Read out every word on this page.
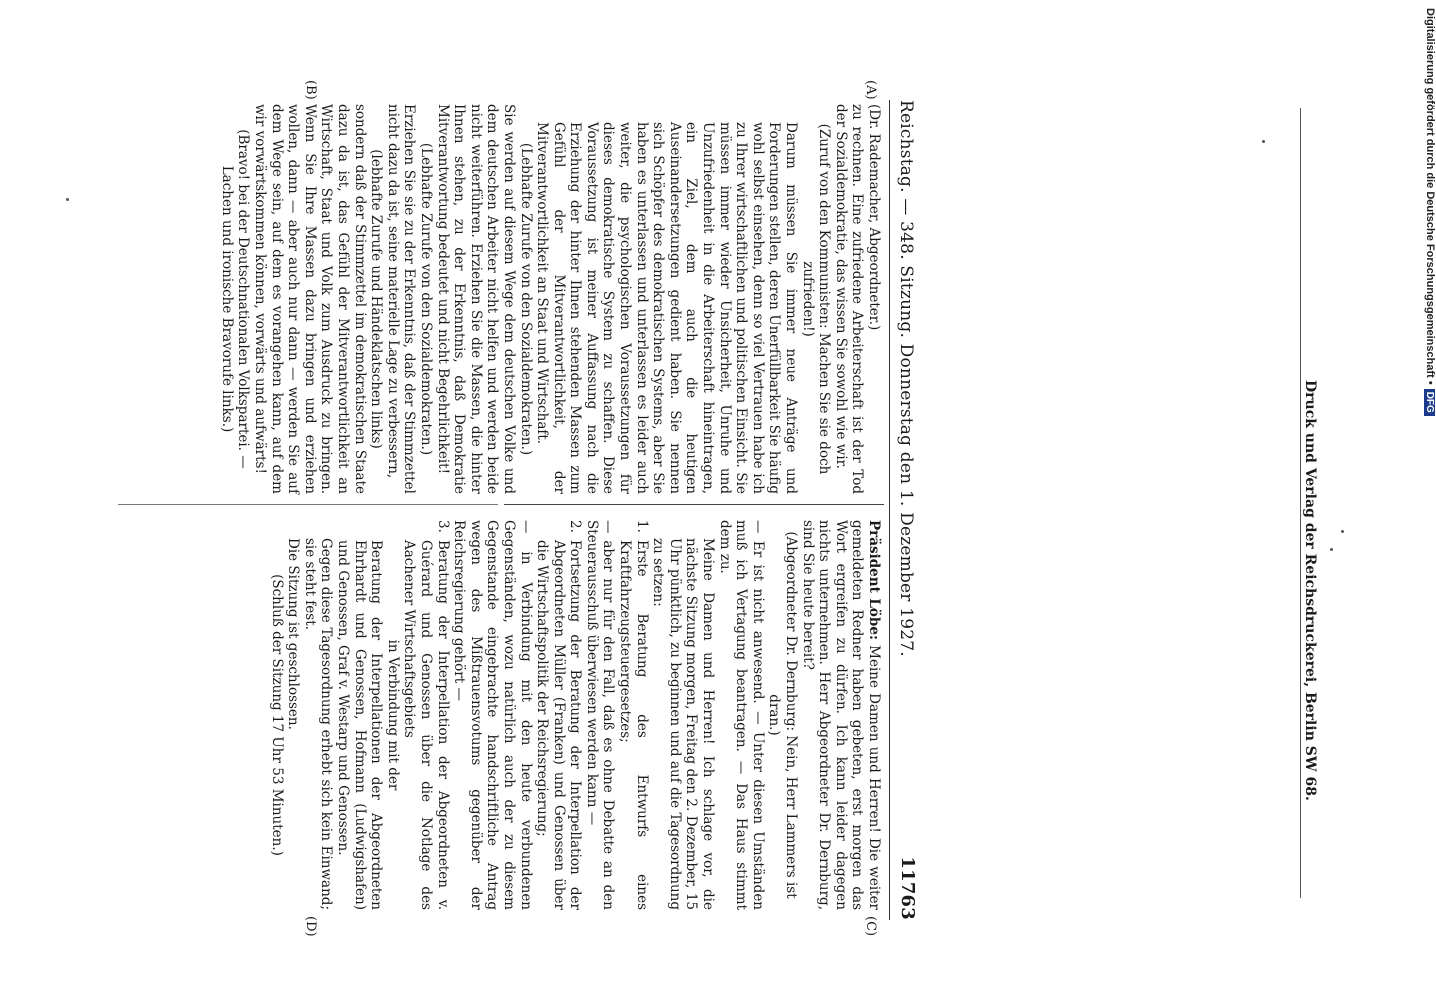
Reichstag. — 348. Sitzung. Donnerstag den 1. Dezember 1927.
11763
(A)
(B)
(C)
(D)

(Dr. Rademacher, Abgeordneter.)

zu rechnen. Eine zufriedene Arbeiterschaft ist der Tod der Sozialdemokratie, das wissen Sie sowohl wie wir.

(Zuruf von den Kommunisten: Machen Sie sie doch zufrieden!)

Darum müssen Sie immer neue Anträge und Forderungen stellen, deren Unerfüllbarkeit Sie häufig wohl selbst einsehen, denn so viel Vertrauen habe ich zu Ihrer wirtschaftlichen und politischen Einsicht. Sie müssen immer wieder Unsicherheit, Unruhe und Unzufriedenheit in die Arbeiterschaft hineintragen, ein Ziel, dem auch die heutigen Auseinandersetzungen gedient haben. Sie nennen sich Schöpfer des demokratischen Systems, aber Sie haben es unterlassen und unterlassen es leider auch weiter, die psychologischen Voraussetzungen für dieses demokratische System zu schaffen. Diese Voraussetzung ist meiner Auffassung nach die Erziehung der hinter Ihnen stehenden Massen zum Gefühl der Mitverantwortlichkeit, der Mitverantwortlichkeit an Staat und Wirtschaft.

(Lebhafte Zurufe von den Sozialdemokraten.)

Sie werden auf diesem Wege dem deutschen Volke und dem deutschen Arbeiter nicht helfen und werden beide nicht weiterführen. Erziehen Sie die Massen, die hinter Ihnen stehen, zu der Erkenntnis, daß Demokratie Mitverantwortung bedeutet und nicht Begehrlichkeit!

(Lebhafte Zurufe von den Sozialdemokraten.)

Erziehen Sie sie zu der Erkenntnis, daß der Stimmzettel nicht dazu da ist, seine materielle Lage zu verbessern,

(lebhafte Zurufe und Händeklatschen links)

sondern daß der Stimmzettel im demokratischen Staate dazu da ist, das Gefühl der Mitverantwortlichkeit an Wirtschaft, Staat und Volk zum Ausdruck zu bringen. Wenn Sie Ihre Massen dazu bringen und erziehen wollen, dann — aber auch nur dann — werden Sie auf dem Wege sein, auf dem es vorangehen kann, auf dem wir vorwärtskommen können, vorwärts und aufwärts!

(Bravo! bei der Deutschnationalen Volkspartei. — Lachen und ironische Bravorufe links.)

Präsident Löbe: Meine Damen und Herren! Die weiter gemeldeten Redner haben gebeten, erst morgen das Wort ergreifen zu dürfen. Ich kann leider dagegen nichts unternehmen. Herr Abgeordneter Dr. Dernburg, sind Sie heute bereit?

(Abgeordneter Dr. Dernburg: Nein, Herr Lammers ist dran.)

— Er ist nicht anwesend. — Unter diesen Umständen muß ich Vertagung beantragen. — Das Haus stimmt dem zu.

Meine Damen und Herren! Ich schlage vor, die nächste Sitzung morgen, Freitag den 2. Dezember, 15 Uhr pünktlich, zu beginnen und auf die Tagesordnung zu setzen:

1.
Erste Beratung des Entwurfs eines Kraftfahrzeugsteuergesetzes;

— aber nur für den Fall, daß es ohne Debatte an den Steuerausschuß überwiesen werden kann —

2.
Fortsetzung der Beratung der Interpellation der Abgeordneten Müller (Franken) und Genossen über die Wirtschaftspolitik der Reichsregierung;

— in Verbindung mit den heute verbundenen Gegenständen, wozu natürlich auch der zu diesem Gegenstande eingebrachte handschriftliche Antrag wegen des Mißtrauensvotums gegenüber der Reichsregierung gehört —

3.
Beratung der Interpellation der Abgeordneten v. Guérard und Genossen über die Notlage des Aachener Wirtschaftsgebiets

in Verbindung mit der

Beratung der Interpellationen der Abgeordneten Ehrhardt und Genossen, Hofmann (Ludwigshafen) und Genossen, Graf v. Westarp und Genossen.

Gegen diese Tagesordnung erhebt sich kein Einwand; sie steht fest.

Die Sitzung ist geschlossen.

(Schluß der Sitzung 17 Uhr 53 Minuten.)	Druck und Verlag der Reichsdruckerei, Berlin SW 68.
Digitalisierung gefördert durch die Deutsche Forschungsgemeinschaft •DFG
